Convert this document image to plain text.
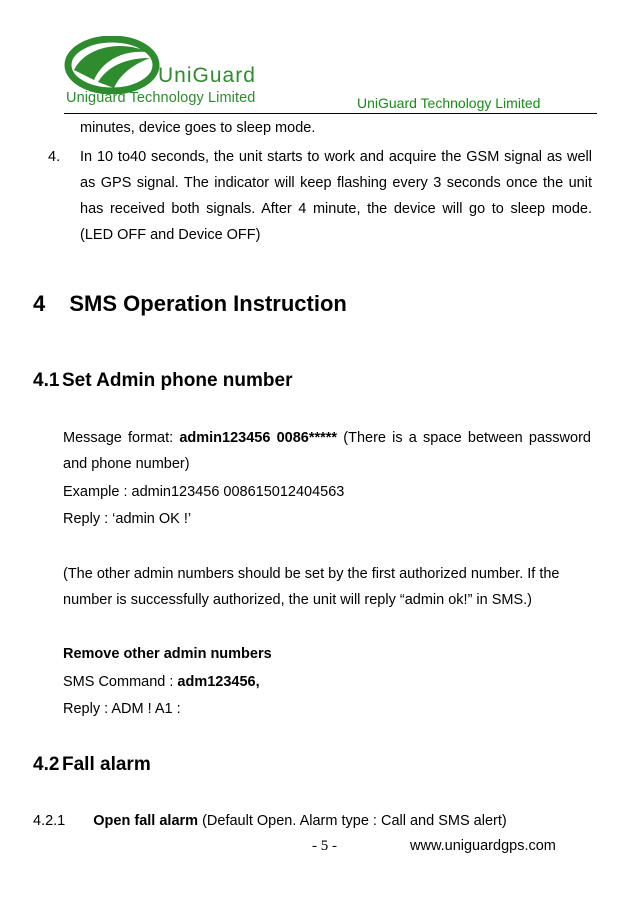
UniGuard
Uniguard Technology Limited	UniGuard Technology Limited
minutes, device goes to sleep mode.
4. In 10 to40 seconds, the unit starts to work and acquire the GSM signal as well as GPS signal. The indicator will keep flashing every 3 seconds once the unit has received both signals. After 4 minute, the device will go to sleep mode. (LED OFF and Device OFF)
4 SMS Operation Instruction
4.1 Set Admin phone number
Message format: admin123456 0086***** (There is a space between password and phone number)
Example : admin123456 008615012404563
Reply : ‘admin OK !’
(The other admin numbers should be set by the first authorized number. If the number is successfully authorized, the unit will reply “admin ok!” in SMS.)
Remove other admin numbers
SMS Command : adm123456,
Reply : ADM ! A1 :
4.2 Fall alarm
4.2.1 Open fall alarm (Default Open. Alarm type : Call and SMS alert)
- 5 -	www.uniguardgps.com
